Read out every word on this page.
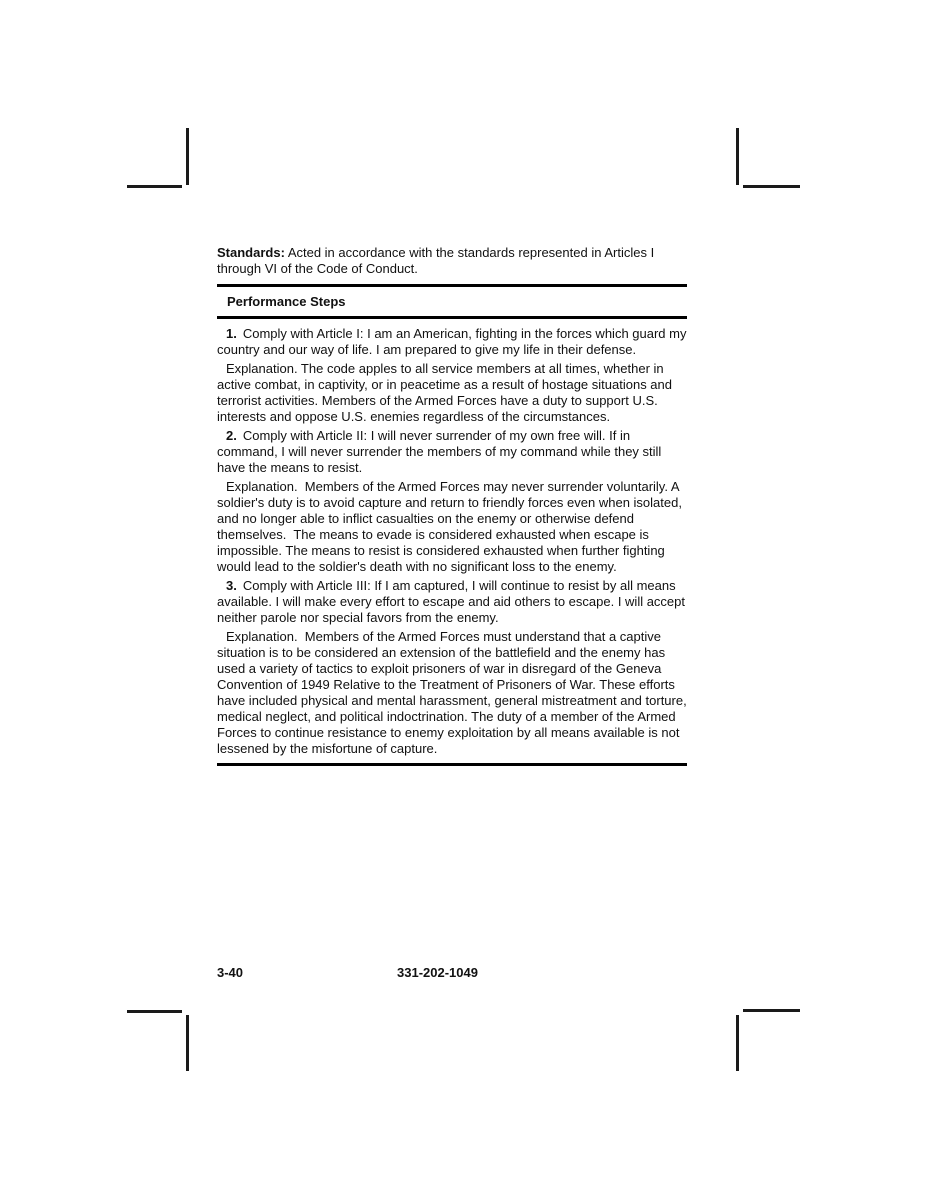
Standards: Acted in accordance with the standards represented in Articles I through VI of the Code of Conduct.

Performance Steps

1. Comply with Article I: I am an American, fighting in the forces which guard my country and our way of life. I am prepared to give my life in their defense.

Explanation. The code apples to all service members at all times, whether in active combat, in captivity, or in peacetime as a result of hostage situations and terrorist activities. Members of the Armed Forces have a duty to support U.S. interests and oppose U.S. enemies regardless of the circumstances.

2. Comply with Article II: I will never surrender of my own free will. If in command, I will never surrender the members of my command while they still have the means to resist.

Explanation.  Members of the Armed Forces may never surrender voluntarily. A soldier's duty is to avoid capture and return to friendly forces even when isolated, and no longer able to inflict casualties on the enemy or otherwise defend themselves.  The means to evade is considered exhausted when escape is impossible. The means to resist is considered exhausted when further fighting would lead to the soldier's death with no significant loss to the enemy.

3. Comply with Article III: If I am captured, I will continue to resist by all means available. I will make every effort to escape and aid others to escape. I will accept neither parole nor special favors from the enemy.

Explanation.  Members of the Armed Forces must understand that a captive situation is to be considered an extension of the battlefield and the enemy has used a variety of tactics to exploit prisoners of war in disregard of the Geneva Convention of 1949 Relative to the Treatment of Prisoners of War. These efforts have included physical and mental harassment, general mistreatment and torture, medical neglect, and political indoctrination. The duty of a member of the Armed Forces to continue resistance to enemy exploitation by all means available is not lessened by the misfortune of capture.

3-40	331-202-1049
